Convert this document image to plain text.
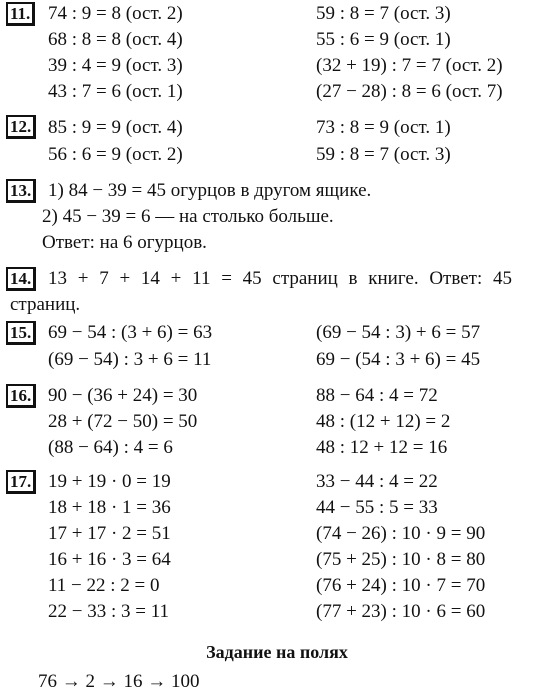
11. 74 : 9 = 8 (ост. 2)
68 : 8 = 8 (ост. 4)
39 : 4 = 9 (ост. 3)
43 : 7 = 6 (ост. 1)
59 : 8 = 7 (ост. 3)
55 : 6 = 9 (ост. 1)
(32 + 19) : 7 = 7 (ост. 2)
(27 − 28) : 8 = 6 (ост. 7)
12. 85 : 9 = 9 (ост. 4)
56 : 6 = 9 (ост. 2)
73 : 8 = 9 (ост. 1)
59 : 8 = 7 (ост. 3)
13. 1) 84 − 39 = 45 огурцов в другом ящике.
2) 45 − 39 = 6 — на столько больше.
Ответ: на 6 огурцов.
14. 13 + 7 + 14 + 11 = 45 страниц в книге. Ответ: 45
страниц.
15. 69 − 54 : (3 + 6) = 63
(69 − 54) : 3 + 6 = 11
(69 − 54 : 3) + 6 = 57
69 − (54 : 3 + 6) = 45
16. 90 − (36 + 24) = 30
28 + (72 − 50) = 50
(88 − 64) : 4 = 6
88 − 64 : 4 = 72
48 : (12 + 12) = 2
48 : 12 + 12 = 16
17. 19 + 19 · 0 = 19
18 + 18 · 1 = 36
17 + 17 · 2 = 51
16 + 16 · 3 = 64
11 − 22 : 2 = 0
22 − 33 : 3 = 11
33 − 44 : 4 = 22
44 − 55 : 5 = 33
(74 − 26) : 10 · 9 = 90
(75 + 25) : 10 · 8 = 80
(76 + 24) : 10 · 7 = 70
(77 + 23) : 10 · 6 = 60
Задание на полях
76 → 2 → 16 → 100
